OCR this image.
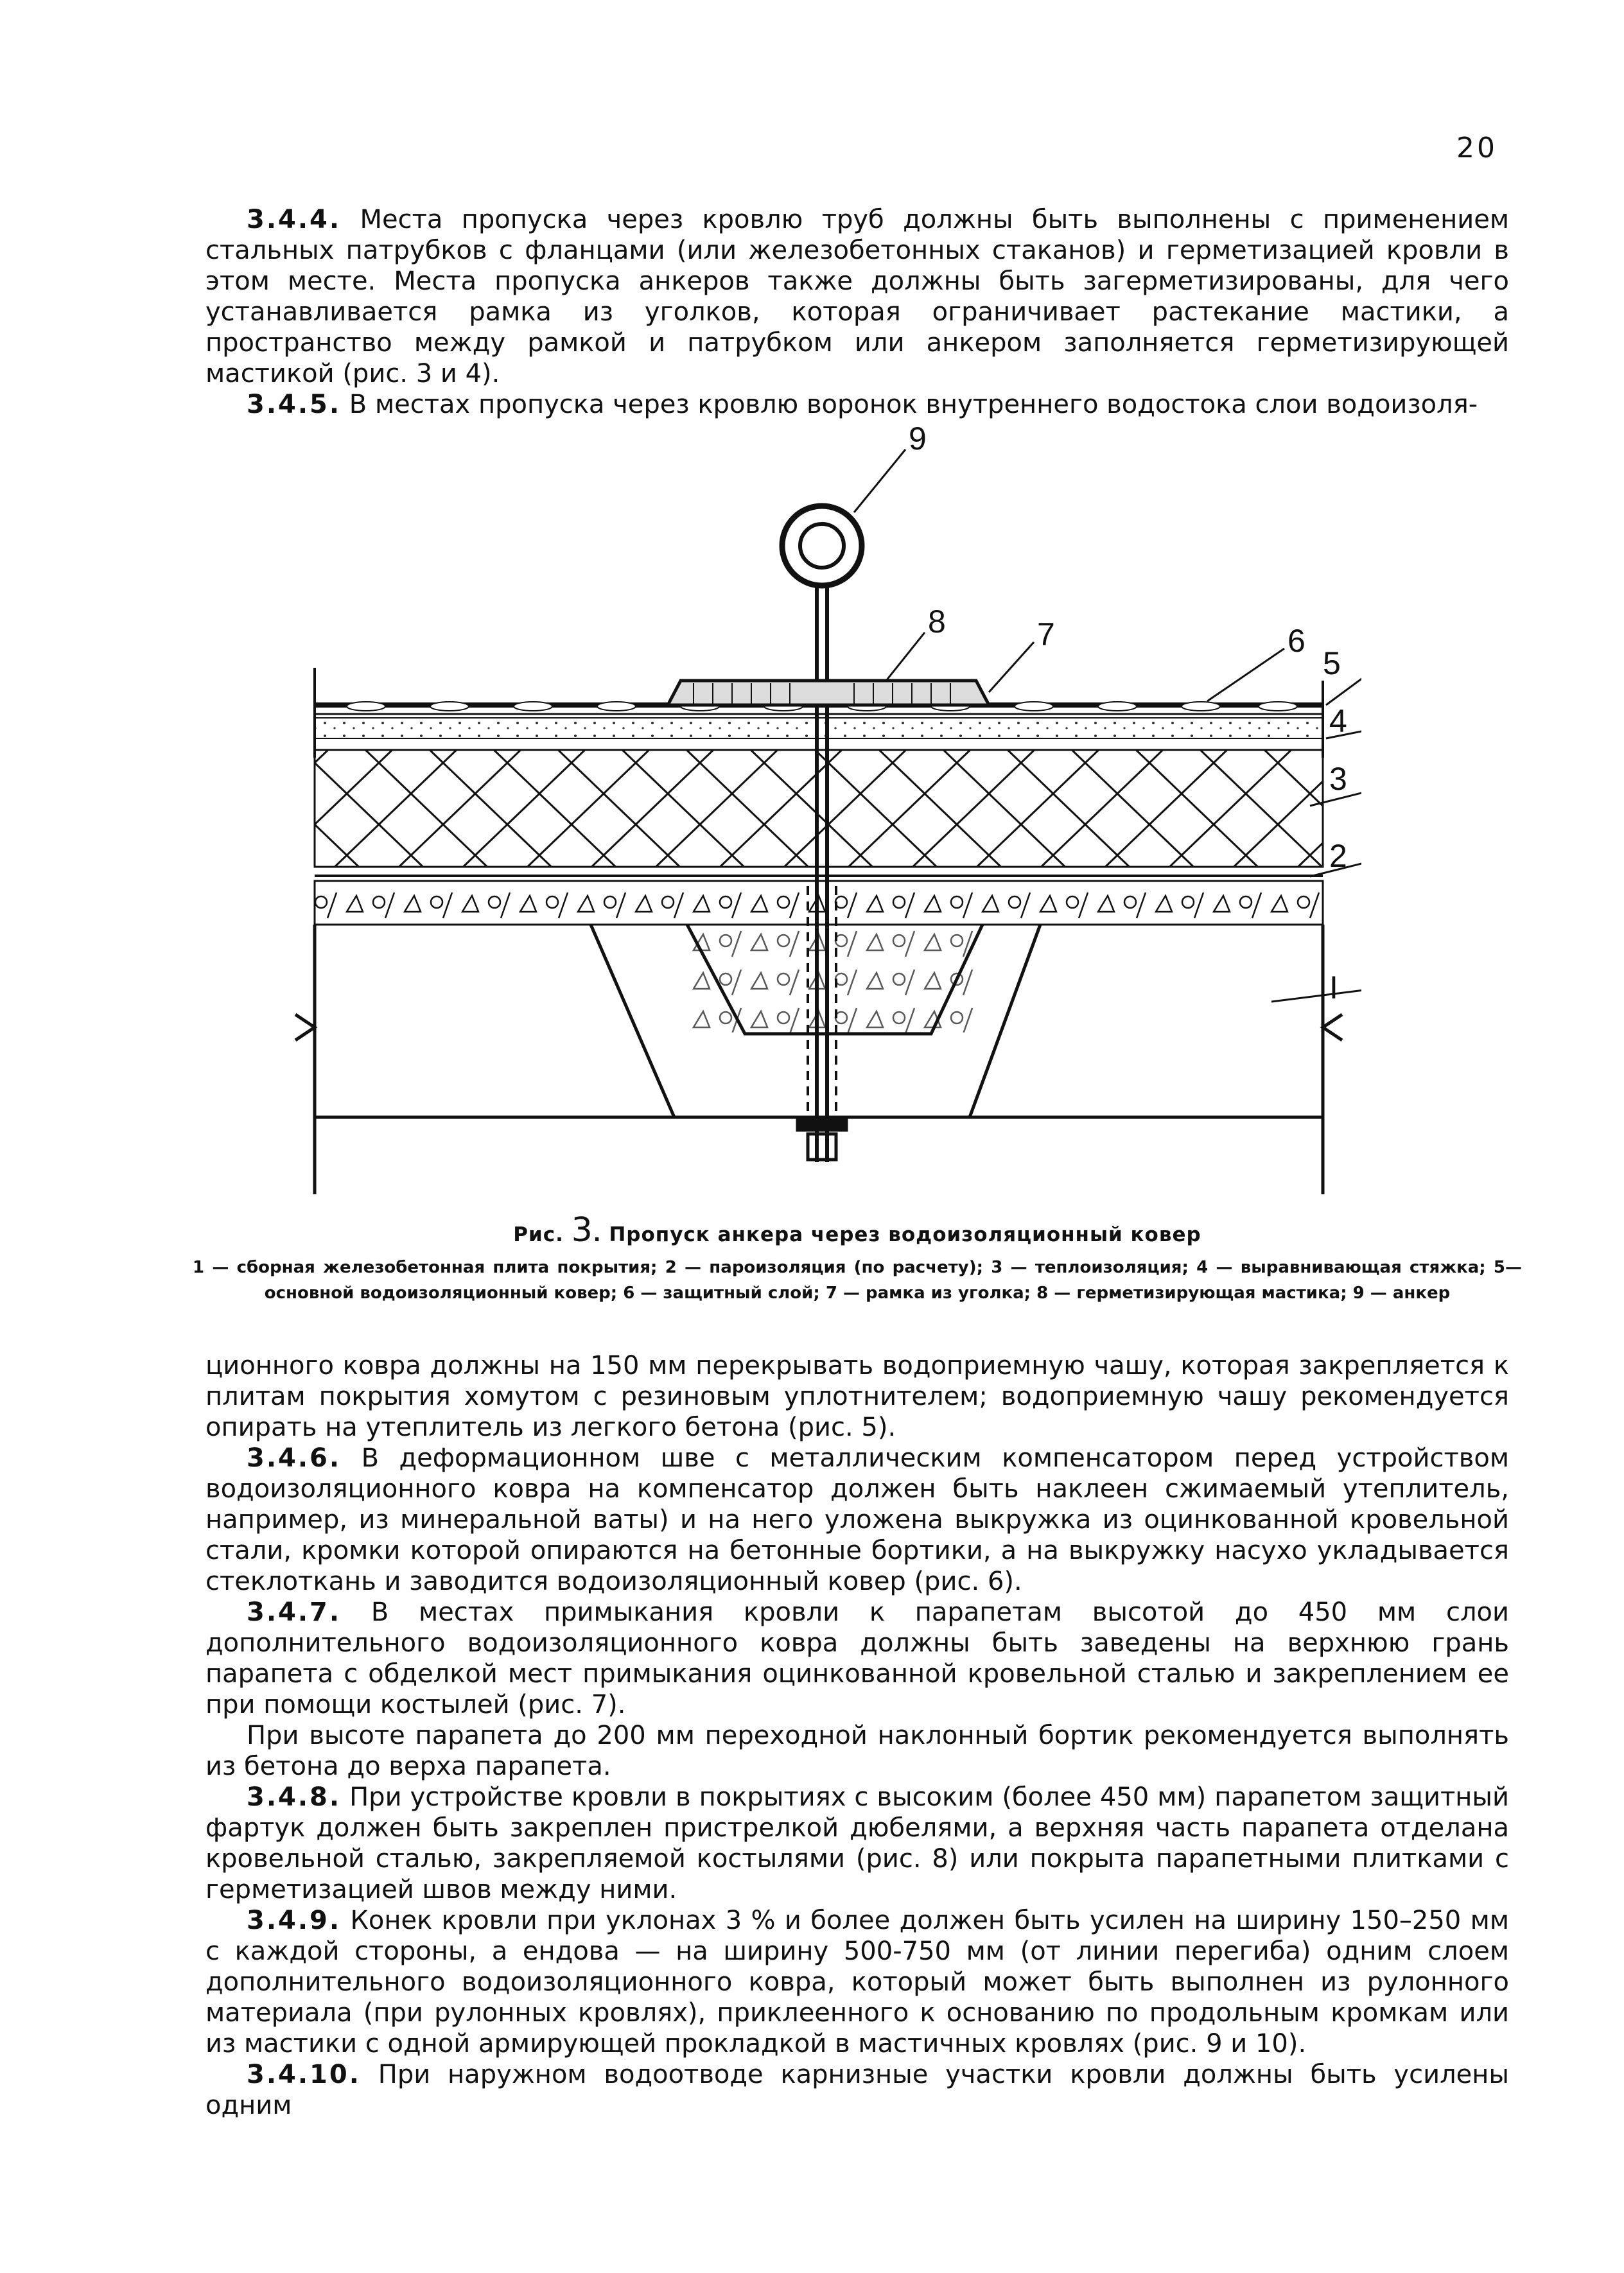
20

3.4.4. Места пропуска через кровлю труб должны быть выполнены с применением стальных патрубков с фланцами (или железобетонных стаканов) и герметизацией кровли в этом месте. Места пропуска анкеров также должны быть загерметизированы, для чего устанавливается рамка из уголков, которая ограничивает растекание мастики, а пространство между рамкой и патрубком или анкером заполняется герметизирующей мастикой (рис. 3 и 4).

3.4.5. В местах пропуска через кровлю воронок внутреннего водостока слои водоизоля-

9
8	7	6
5
4
3
2
I

Рис. 3. Пропуск анкера через водоизоляционный ковер

1 — сборная железобетонная плита покрытия; 2 — пароизоляция (по расчету); 3 — теплоизоляция; 4 — выравнивающая стяжка; 5—основной водоизоляционный ковер; 6 — защитный слой; 7 — рамка из уголка; 8 — герметизирующая мастика; 9 — анкер

ционного ковра должны на 150 мм перекрывать водоприемную чашу, которая закрепляется к плитам покрытия хомутом с резиновым уплотнителем; водоприемную чашу рекомендуется опирать на утеплитель из легкого бетона (рис. 5).

3.4.6. В деформационном шве с металлическим компенсатором перед устройством водоизоляционного ковра на компенсатор должен быть наклеен сжимаемый утеплитель, например, из минеральной ваты) и на него уложена выкружка из оцинкованной кровельной стали, кромки которой опираются на бетонные бортики, а на выкружку насухо укладывается стеклоткань и заводится водоизоляционный ковер (рис. 6).

3.4.7. В местах примыкания кровли к парапетам высотой до 450 мм слои дополнительного водоизоляционного ковра должны быть заведены на верхнюю грань парапета с обделкой мест примыкания оцинкованной кровельной сталью и закреплением ее при помощи костылей (рис. 7).

При высоте парапета до 200 мм переходной наклонный бортик рекомендуется выполнять из бетона до верха парапета.

3.4.8. При устройстве кровли в покрытиях с высоким (более 450 мм) парапетом защитный фартук должен быть закреплен пристрелкой дюбелями, а верхняя часть парапета отделана кровельной сталью, закрепляемой костылями (рис. 8) или покрыта парапетными плитками с герметизацией швов между ними.

3.4.9. Конек кровли при уклонах 3 % и более должен быть усилен на ширину 150–250 мм с каждой стороны, а ендова — на ширину 500-750 мм (от линии перегиба) одним слоем дополнительного водоизоляционного ковра, который может быть выполнен из рулонного материала (при рулонных кровлях), приклеенного к основанию по продольным кромкам или из мастики с одной армирующей прокладкой в мастичных кровлях (рис. 9 и 10).

3.4.10. При наружном водоотводе карнизные участки кровли должны быть усилены одним
